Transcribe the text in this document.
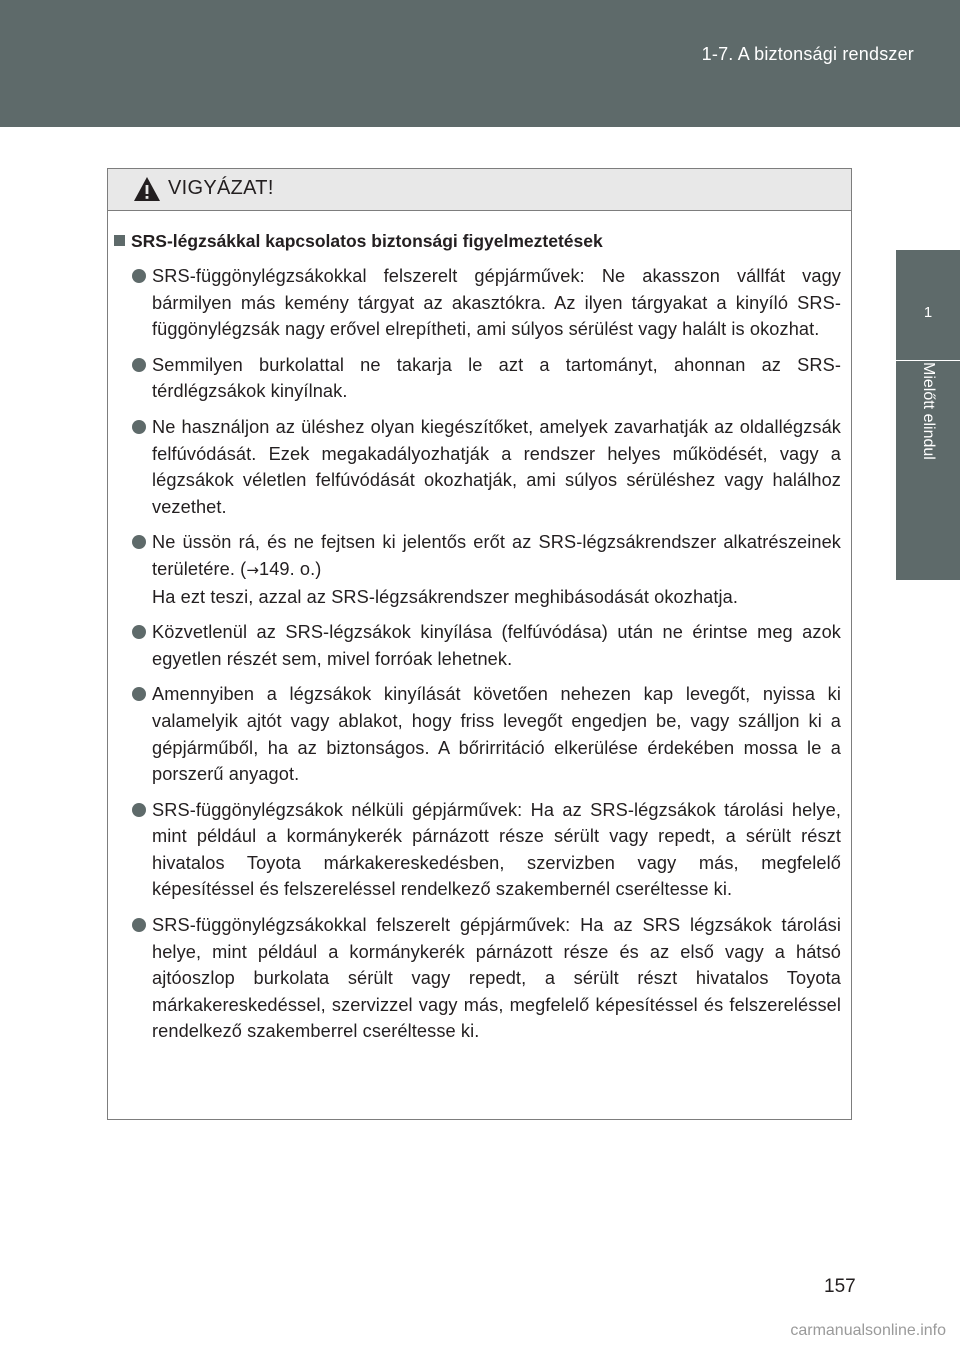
1-7. A biztonsági rendszer
1
Mielőtt elindul
VIGYÁZAT!
SRS-légzsákkal kapcsolatos biztonsági figyelmeztetések
SRS-függönylégzsákokkal felszerelt gépjárművek: Ne akasszon vállfát vagy bármilyen más kemény tárgyat az akasztókra. Az ilyen tárgyakat a kinyíló SRS-függönylégzsák nagy erővel elrepítheti, ami súlyos sérülést vagy halált is okozhat.
Semmilyen burkolattal ne takarja le azt a tartományt, ahonnan az SRS-térdlégzsákok kinyílnak.
Ne használjon az üléshez olyan kiegészítőket, amelyek zavarhatják az oldallégzsák felfúvódását. Ezek megakadályozhatják a rendszer helyes működését, vagy a légzsákok véletlen felfúvódását okozhatják, ami súlyos sérüléshez vagy halálhoz vezethet.
Ne üssön rá, és ne fejtsen ki jelentős erőt az SRS-légzsákrendszer alkatrészeinek területére. (→149. o.)
Ha ezt teszi, azzal az SRS-légzsákrendszer meghibásodását okozhatja.
Közvetlenül az SRS-légzsákok kinyílása (felfúvódása) után ne érintse meg azok egyetlen részét sem, mivel forróak lehetnek.
Amennyiben a légzsákok kinyílását követően nehezen kap levegőt, nyissa ki valamelyik ajtót vagy ablakot, hogy friss levegőt engedjen be, vagy szálljon ki a gépjárműből, ha az biztonságos. A bőrirritáció elkerülése érdekében mossa le a porszerű anyagot.
SRS-függönylégzsákok nélküli gépjárművek: Ha az SRS-légzsákok tárolási helye, mint például a kormánykerék párnázott része sérült vagy repedt, a sérült részt hivatalos Toyota márkakereskedésben, szervizben vagy más, megfelelő képesítéssel és felszereléssel rendelkező szakembernél cseréltesse ki.
SRS-függönylégzsákokkal felszerelt gépjárművek: Ha az SRS légzsákok tárolási helye, mint például a kormánykerék párnázott része és az első vagy a hátsó ajtóoszlop burkolata sérült vagy repedt, a sérült részt hivatalos Toyota márkakereskedéssel, szervizzel vagy más, megfelelő képesítéssel és felszereléssel rendelkező szakemberrel cseréltesse ki.
157
carmanualsonline.info
